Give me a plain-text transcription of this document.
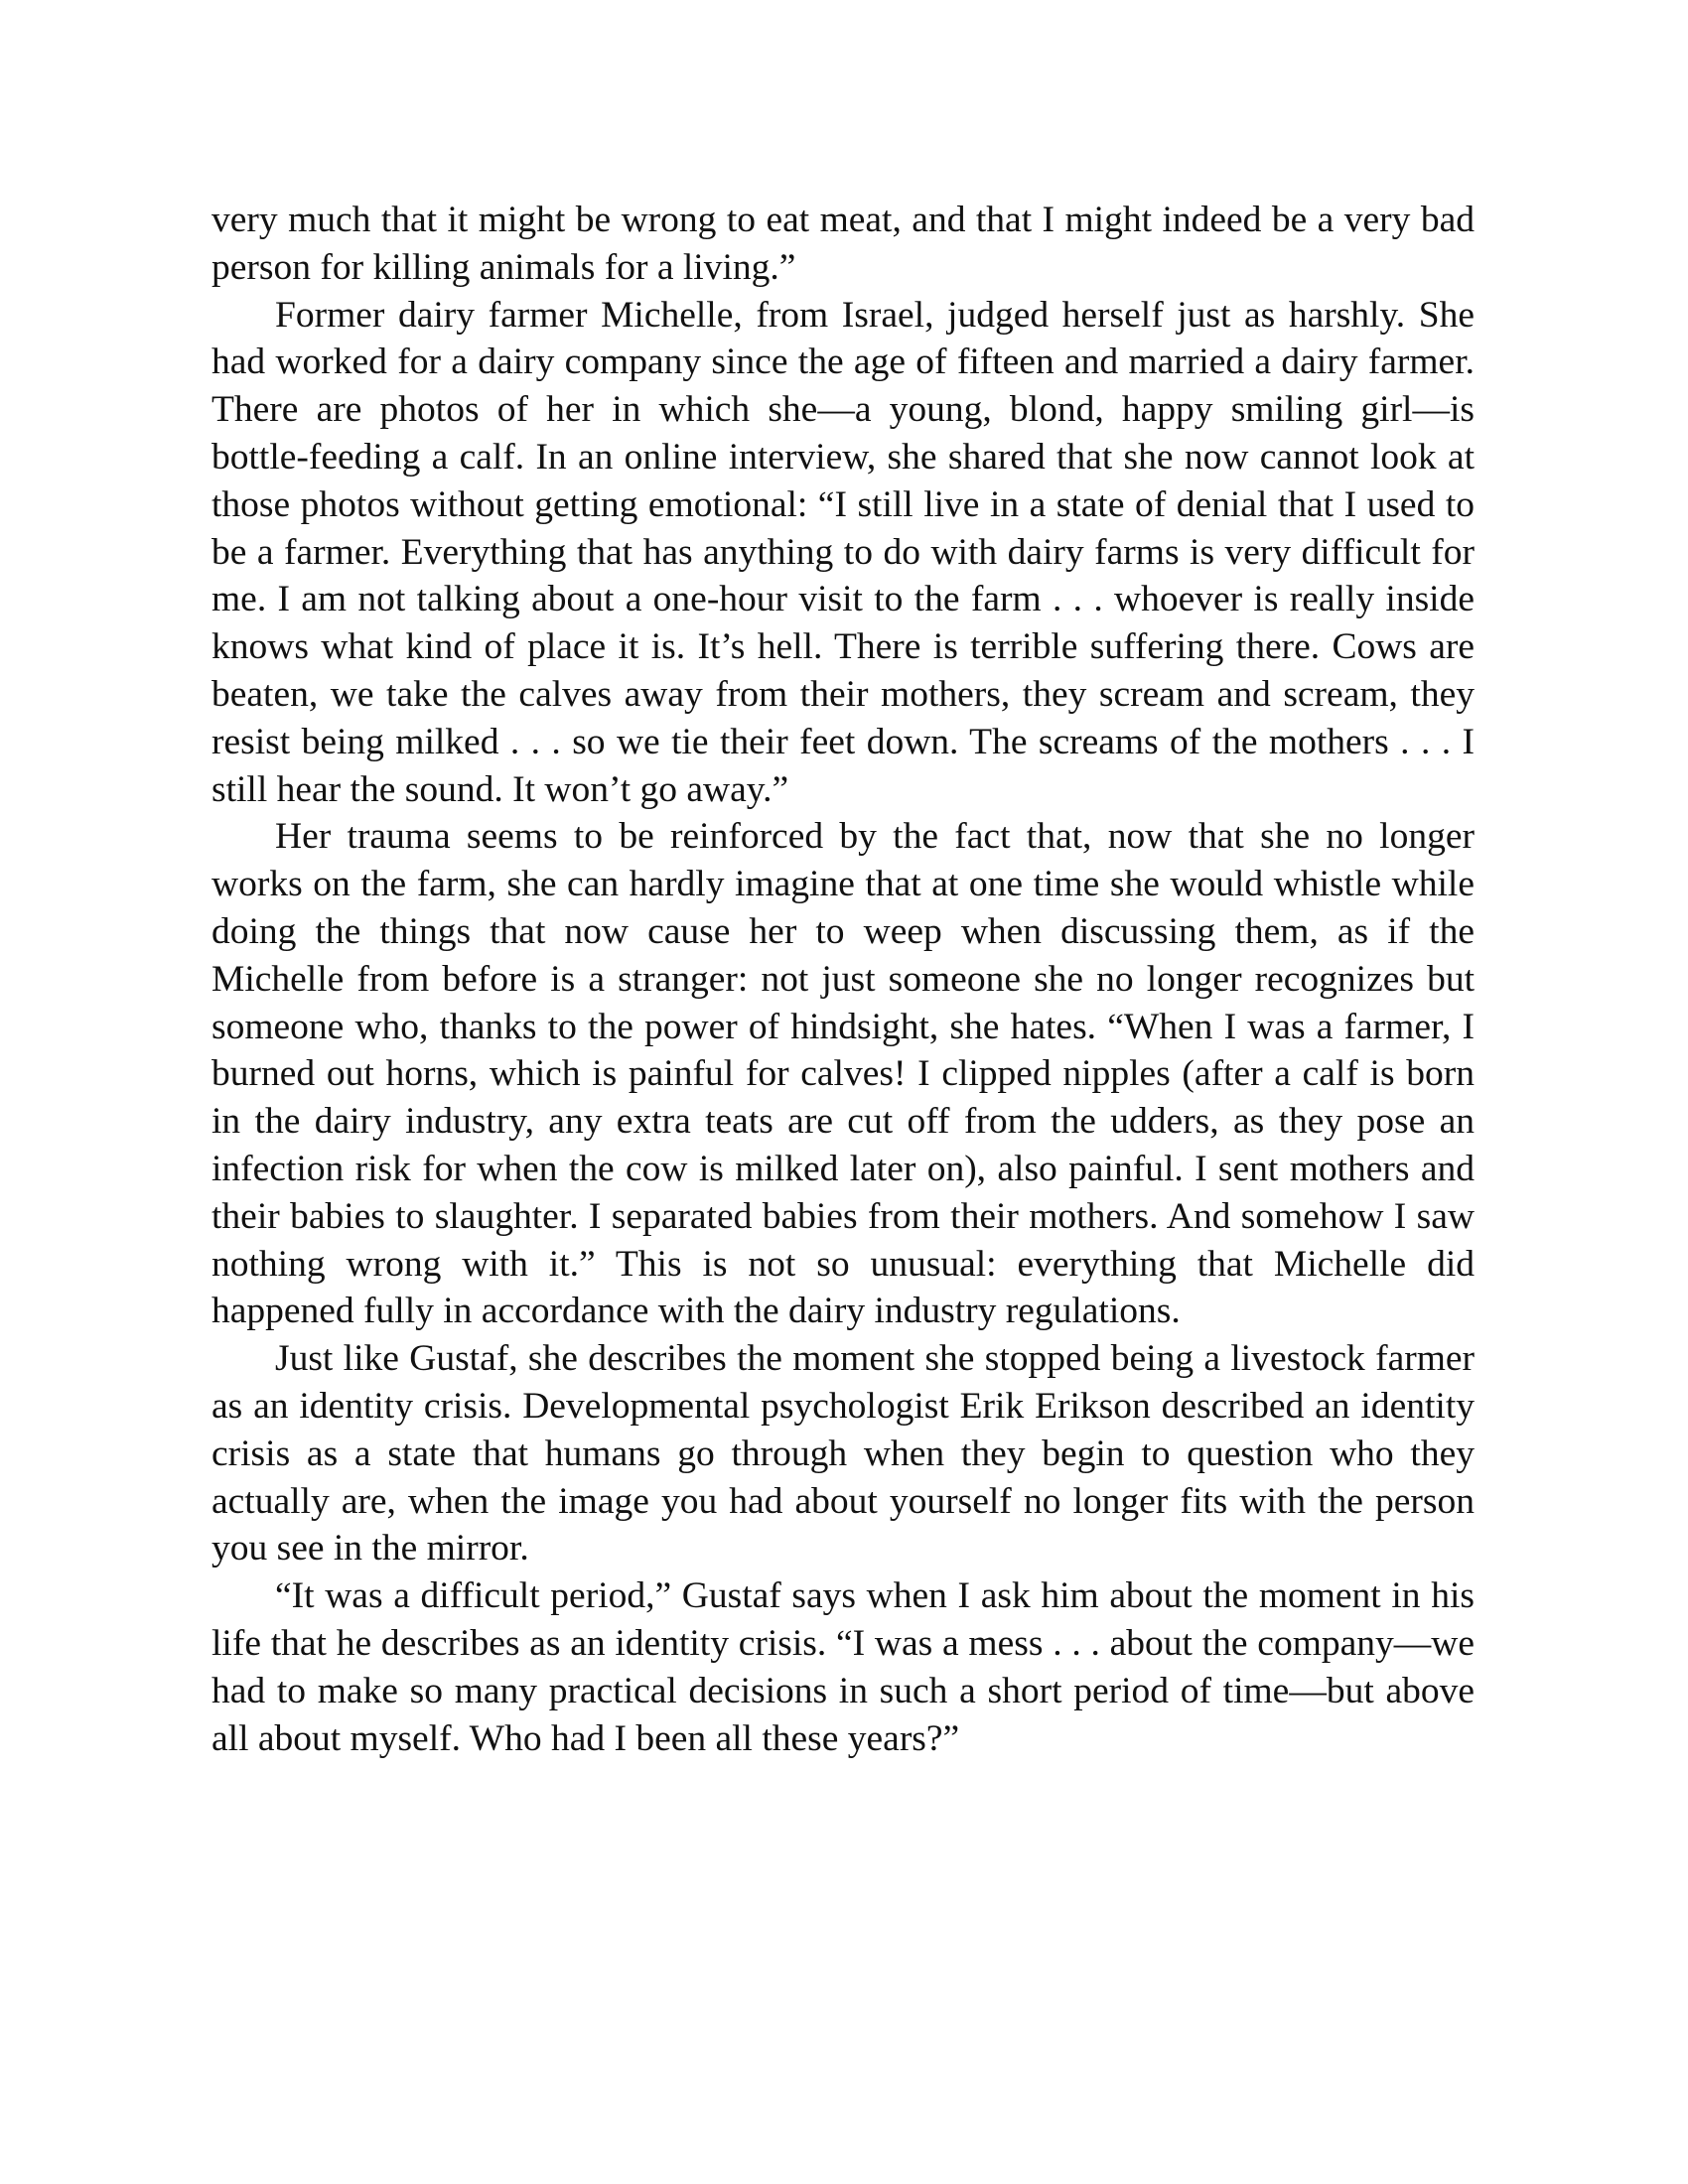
very much that it might be wrong to eat meat, and that I might indeed be a very bad person for killing animals for a living.”

Former dairy farmer Michelle, from Israel, judged herself just as harshly. She had worked for a dairy company since the age of fifteen and married a dairy farmer. There are photos of her in which she—a young, blond, happy smiling girl—is bottle-feeding a calf. In an online interview, she shared that she now cannot look at those photos without getting emotional: “I still live in a state of denial that I used to be a farmer. Everything that has anything to do with dairy farms is very difficult for me. I am not talking about a one-hour visit to the farm . . . whoever is really inside knows what kind of place it is. It’s hell. There is terrible suffering there. Cows are beaten, we take the calves away from their mothers, they scream and scream, they resist being milked . . . so we tie their feet down. The screams of the mothers . . . I still hear the sound. It won’t go away.”

Her trauma seems to be reinforced by the fact that, now that she no longer works on the farm, she can hardly imagine that at one time she would whistle while doing the things that now cause her to weep when discussing them, as if the Michelle from before is a stranger: not just someone she no longer recognizes but someone who, thanks to the power of hindsight, she hates. “When I was a farmer, I burned out horns, which is painful for calves! I clipped nipples (after a calf is born in the dairy industry, any extra teats are cut off from the udders, as they pose an infection risk for when the cow is milked later on), also painful. I sent mothers and their babies to slaughter. I separated babies from their mothers. And somehow I saw nothing wrong with it.” This is not so unusual: everything that Michelle did happened fully in accordance with the dairy industry regulations.

Just like Gustaf, she describes the moment she stopped being a livestock farmer as an identity crisis. Developmental psychologist Erik Erikson described an identity crisis as a state that humans go through when they begin to question who they actually are, when the image you had about yourself no longer fits with the person you see in the mirror.

“It was a difficult period,” Gustaf says when I ask him about the moment in his life that he describes as an identity crisis. “I was a mess . . . about the company—we had to make so many practical decisions in such a short period of time—but above all about myself. Who had I been all these years?”
